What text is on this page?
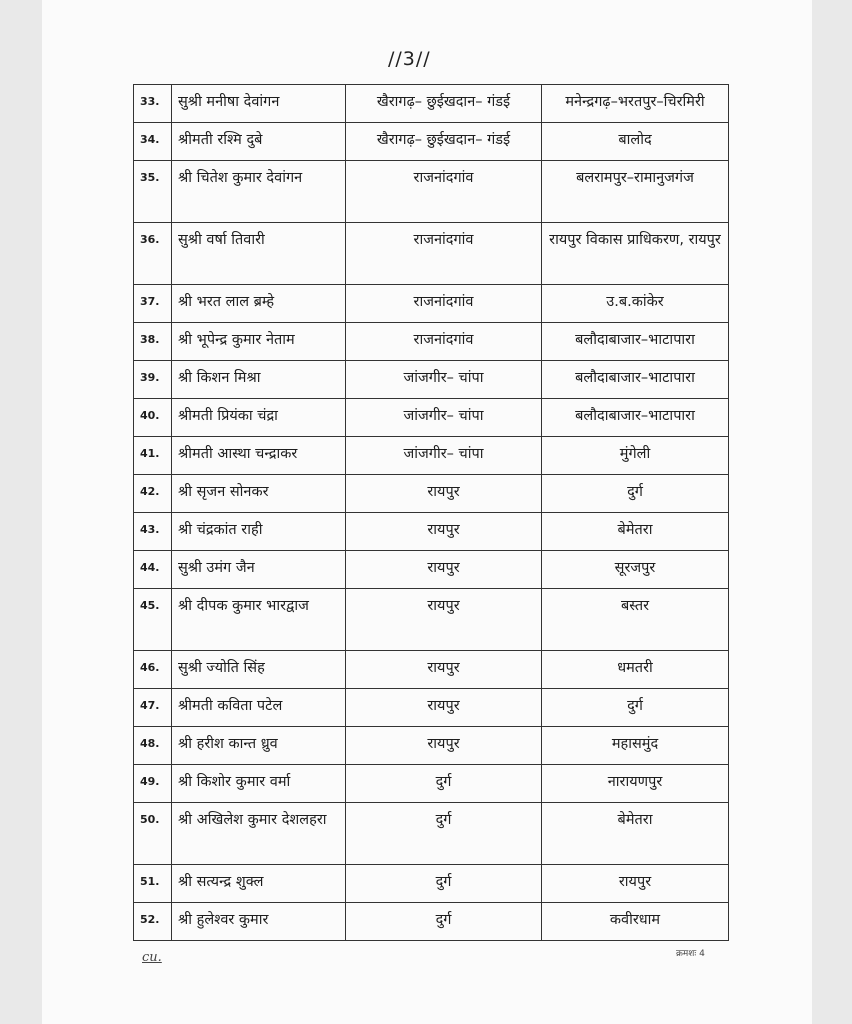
//3//
33.	सुश्री मनीषा देवांगन	खैरागढ़– छुईखदान– गंडई	मनेन्द्रगढ़–भरतपुर–चिरमिरी
34.	श्रीमती रश्मि दुबे	खैरागढ़– छुईखदान– गंडई	बालोद
35.	श्री चितेश कुमार देवांगन	राजनांदगांव	बलरामपुर–रामानुजगंज
36.	सुश्री वर्षा तिवारी	राजनांदगांव	रायपुर विकास प्राधिकरण, रायपुर
37.	श्री भरत लाल ब्रम्हे	राजनांदगांव	उ.ब.कांकेर
38.	श्री भूपेन्द्र कुमार नेताम	राजनांदगांव	बलौदाबाजार–भाटापारा
39.	श्री किशन मिश्रा	जांजगीर– चांपा	बलौदाबाजार–भाटापारा
40.	श्रीमती प्रियंका चंद्रा	जांजगीर– चांपा	बलौदाबाजार–भाटापारा
41.	श्रीमती आस्था चन्द्राकर	जांजगीर– चांपा	मुंगेली
42.	श्री सृजन सोनकर	रायपुर	दुर्ग
43.	श्री चंद्रकांत राही	रायपुर	बेमेतरा
44.	सुश्री उमंग जैन	रायपुर	सूरजपुर
45.	श्री दीपक कुमार भारद्वाज	रायपुर	बस्तर
46.	सुश्री ज्योति सिंह	रायपुर	धमतरी
47.	श्रीमती कविता पटेल	रायपुर	दुर्ग
48.	श्री हरीश कान्त ध्रुव	रायपुर	महासमुंद
49.	श्री किशोर कुमार वर्मा	दुर्ग	नारायणपुर
50.	श्री अखिलेश कुमार देशलहरा	दुर्ग	बेमेतरा
51.	श्री सत्यन्द्र शुक्ल	दुर्ग	रायपुर
52.	श्री हुलेश्वर कुमार	दुर्ग	कवीरधाम
cu.	क्रमशः 4
